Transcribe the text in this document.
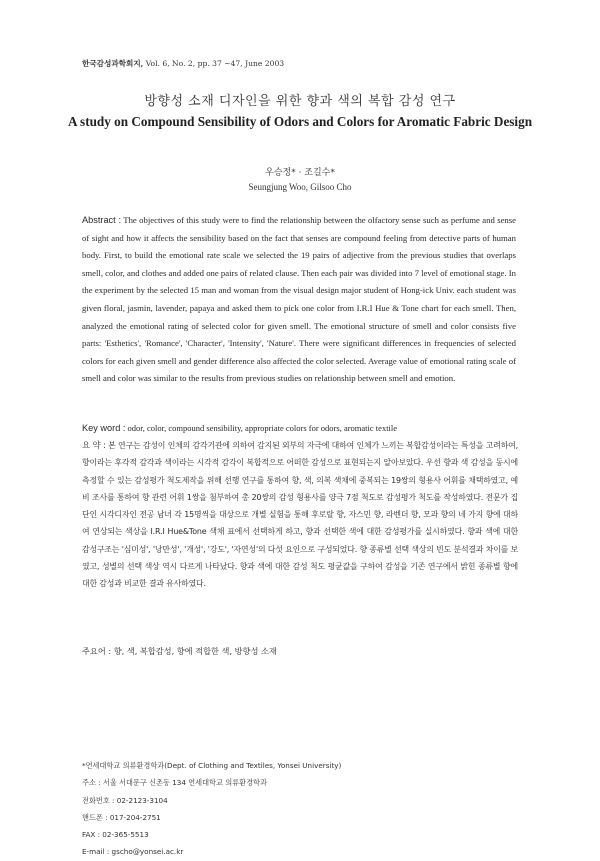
한국감성과학회지, Vol. 6, No. 2, pp. 37 ~47, June 2003
방향성 소재 디자인을 위한 향과 색의 복합 감성 연구
A study on Compound Sensibility of Odors and Colors for Aromatic Fabric Design
우승정* · 조길수*
Seungjung Woo, Gilsoo Cho
Abstract : The objectives of this study were to find the relationship between the olfactory sense such as perfume and sense of sight and how it affects the sensibility based on the fact that senses are compound feeling from detective parts of human body. First, to build the emotional rate scale we selected the 19 pairs of adjective from the previous studies that overlaps smell, color, and clothes and added one pairs of related clause. Then each pair was divided into 7 level of emotional stage. In the experiment by the selected 15 man and woman from the visual design major student of Hong-ick Univ. each student was given floral, jasmin, lavender, papaya and asked them to pick one color from I.R.I Hue & Tone chart for each smell. Then, analyzed the emotional rating of selected color for given smell. The emotional structure of smell and color consists five parts: 'Esthetics', 'Romance', 'Character', 'Intensity', 'Nature'. There were significant differences in frequencies of selected colors for each given smell and gender difference also affected the color selected. Average value of emotional rating scale of smell and color was similar to the results from previous studies on relationship between smell and emotion.
Key word : odor, color, compound sensibility, appropriate colors for odors, aromatic textile
요 약 : 본 연구는 감성이 인체의 감각기관에 의하여 감지된 외부의 자극에 대하여 인체가 느끼는 복합감성이라는 특성을 고려하여, 향이라는 후각적 감각과 색이라는 시각적 감각이 복합적으로 어떠한 감성으로 표현되는지 알아보았다. 우선 향과 색 감성을 동시에 측정할 수 있는 감성평가 척도제작을 위해 선행 연구를 통하여 향, 색, 의복 색채에 중복되는 19쌍의 형용사 어휘를 채택하였고, 예비 조사를 통하여 향 관련 어휘 1쌍을 첨부하여 총 20쌍의 감성 형용사를 양극 7점 척도로 감성평가 척도를 작성하였다. 전문가 집단인 시각디자인 전공 남녀 각 15명씩을 대상으로 개별 실험을 통해 후로랄 향, 자스민 향, 라벤더 향, 모과 향의 네 가지 향에 대하여 연상되는 색상을 I.R.I Hue&Tone 색채 표에서 선택하게 하고, 향과 선택한 색에 대한 감성평가를 실시하였다. 향과 색에 대한 감성구조는 '심미성', '낭만성', '개성', '강도', '자연성'의 다섯 요인으로 구성되었다. 향 종류별 선택 색상의 빈도 분석결과 차이를 보였고, 성별의 선택 색상 역시 다르게 나타났다. 향과 색에 대한 감성 척도 평균값을 구하여 감성을 기존 연구에서 밝힌 종류별 향에 대한 감성과 비교한 결과 유사하였다.
주요어 : 향, 색, 복합감성, 향에 적합한 색, 방향성 소재
*연세대학교 의류환경학과(Dept. of Clothing and Textiles, Yonsei University)
주소 : 서울 서대문구 신촌동 134 연세대학교 의류환경학과
전화번호 : 02-2123-3104
핸드폰 : 017-204-2751
FAX : 02-365-5513
E-mail : gscho@yonsei.ac.kr
